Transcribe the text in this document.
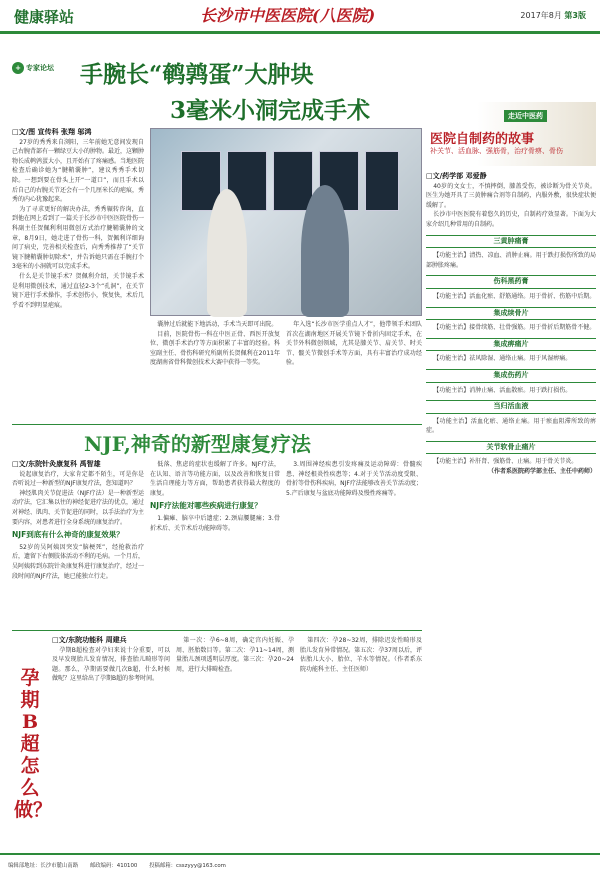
健康驿站	长沙市中医医院(八医院)	2017年8月 第3版
+ 专家论坛	手腕长“鹌鹑蛋”大肿块
3毫米小洞完成手术
□文/图 宣传科 张翔 邬鸿

27岁的秀秀来自浏阳，三年前她无意间发现自己右腕背部有一颗绿豆大小的肿物。最近，这颗肿物长成鹌鹑蛋大小，且开始有了疼痛感。当地医院检查后确诊她为“腱鞘囊肿”，建议秀秀手术切除。一想到要在骨头上开“一道口”，而且手术以后自己的右腕关节还会有一个几厘米长的疤痕，秀秀的内心犹豫起来。

为了寻求更好的解决办法，秀秀辗转咨询，直到他在网上看到了一篇关于长沙市中医医院骨伤一科副主任贺佩利利用微创方式治疗腱鞘囊肿的文章，8月9日，她走进了骨伤一科，贺佩利详细询问了病史，完善相关检查后，向秀秀推荐了“关节镜下腱鞘囊肿切除术”，并告诉她只需在手腕打个3毫米的小洞就可以完成手术。

什么是关节镜手术？贺佩利介绍，关节镜手术是利用微创技术，通过直径2-3个“孔洞”，在关节镜下进行手术操作，手术创伤小，恢复快，术后几乎看不到明显疤痕。

囊肿过后就能下地活动，手术当天即可出院。

目前，医院骨伤一科在中医正骨、西医开放复位、微创手术治疗等方面积累了丰富的经验。科室副主任、骨伤科研究所副所长贺佩利在2011年度湖南省骨科微创技术大赛中获得一等奖。

年入选“长沙市医学重点人才”，他带领手术团队首次在湖南地区开展关节镜下骨折内固定手术，在关节外科微创领域，尤其是膝关节、肩关节、时关节、髋关节微创手术等方面，具有丰富治疗成功经验。

NJF,神奇的新型康复疗法
□文/东院针灸康复科 禹智雄

说起康复治疗，大家肯定都不陌生，可是你是否听说过一种新型的NJF康复疗法，您知道吗？

神经肌肉关节促进法（NJF疗法）是一种新型运动疗法，它汇集以往的神经促进疗法的优点，通过对神经、肌肉、关节促进的同时，以手法治疗为主要内容，对患者进行全身系统的康复治疗。

NJF到底有什么神奇的康复效果？

52岁的吴阿姨因突发“脑梗死”，经抢救治疗后，遗留下右侧肢体活动不利的毛病。一个月后，吴阿姨转到东院针灸康复科进行康复治疗，经过一段时间的NJF疗法，她已能独立行走。

低落、焦虑的症状也缓解了许多。NJF疗法，在认知、语言等功能方面，以及改善和恢复日常生活自理能力等方面，帮助患者获得最大程度的康复。

NJF疗法能对哪些疾病进行康复？

1.偏瘫、脑卒中后遗症；2.颈肩腰腿痛；3.骨折术后、关节术后功能障碍等。

3.周围神经疾患引发疼痛及运动障碍：骨髓疾患、神经根炎性疾患等；4.对于关节活动度受限、骨折等骨伤科疾病，NJF疗法能够改善关节活动度；5.产后康复与盆底功能障碍及慢性疼痛等。

孕期B超怎么做？
□文/东院功能科 周建兵

孕期B超检查对孕妇来说十分重要，可以及早发现胎儿发育情况，排查胎儿畸形等问题。那么，孕期需要做几次B超，什么时候做呢？这里给出了孕期B超的参考时间。

第一次：孕6~8周，确定宫内妊娠、孕周、胚胎数目等。第二次：孕11~14周，测量胎儿颈项透明层厚度。第三次：孕20~24周，进行大排畸检查。

第四次：孕28~32周，排除迟发性畸形及胎儿发育异常情况。第五次：孕37周以后，评估胎儿大小、胎位、羊水等情况。（作者系东院功能科主任、主任医师）

走近中医药
医院自制药的故事
补关节、活血脉、强筋骨，治疗骨痹、骨伤
□文/药学部 邓爱静

40岁的文女士，不慎摔倒，膝盖受伤，被诊断为骨关节炎。医生为她开具了三黄肿痛合剂等自制药，内服外敷，很快症状便缓解了。

长沙市中医医院有着悠久的历史，自制药疗效显著。下面为大家介绍几种常用的自制药。

三黄肿痛膏

【功能主治】清热、凉血、消肿止痛。用于跌打损伤所致的局部肿胀疼痛。

伤科黑药膏

【功能主治】活血化瘀、舒筋通络。用于骨折、伤筋中后期。

集成续骨片

【功能主治】接骨续筋、壮骨强筋。用于骨折后期筋骨不健。

集成痹痛片

【功能主治】祛风除湿、通络止痛。用于风湿痹痛。

集成伤药片

【功能主治】消肿止痛、活血散瘀。用于跌打损伤。

当归活血液

【功能主治】活血化瘀、通络止痛。用于瘀血阻滞所致的痹症。

关节软骨止痛片

【功能主治】补肝肾、强筋骨、止痛。用于骨关节炎。

（作者系医院药学部主任、主任中药师）

编辑部地址：长沙市麓山南路 邮政编码：410100 投稿邮箱：csszyyy@163.com
